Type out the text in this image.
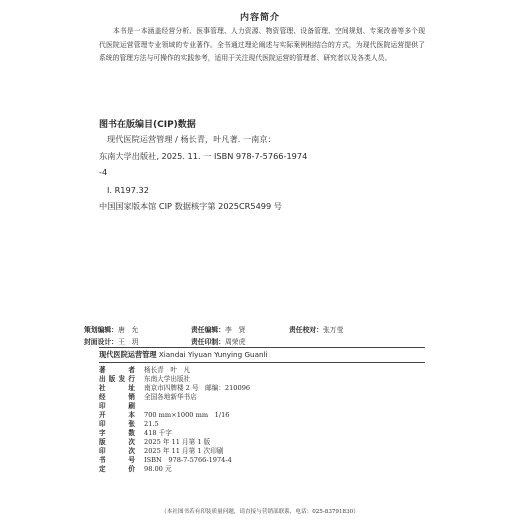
内容简介
本书是一本涵盖经营分析、医事管理、人力资源、物资管理、设备管理、空间规划、专案改善等多个现代医院运营管理专业领域的专业著作。全书通过理论阐述与实际案例相结合的方式，为现代医院运营提供了系统的管理方法与可操作的实践参考，适用于关注现代医院运营的管理者、研究者以及各类人员。
图书在版编目(CIP)数据
现代医院运营管理 / 杨长青，叶凡著. 一南京：
东南大学出版社, 2025. 11. 一 ISBN 978-7-5766-1974
-4
Ⅰ. R197.32
中国国家版本馆 CIP 数据核字第 2025CR5499 号
策划编辑：唐　允	责任编辑：李　贤	责任校对：张万莹
封面设计：王　玥	责任印制：周荣虎
现代医院运营管理 Xiandai Yiyuan Yunying Guanli
著者 杨长青　叶　凡
出版发行 东南大学出版社
社址 南京市四牌楼 2 号　邮编：210096
经销 全国各地新华书店
印刷
开本 700 mm×1000 mm　1/16
印张 21.5
字数 418 千字
版次 2025 年 11 月第 1 版
印次 2025 年 11 月第 1 次印刷
书号 ISBN　978-7-5766-1974-4
定价 98.00 元
（本社图书若有印装质量问题，请直接与营销部联系，电话：025-83791830）
